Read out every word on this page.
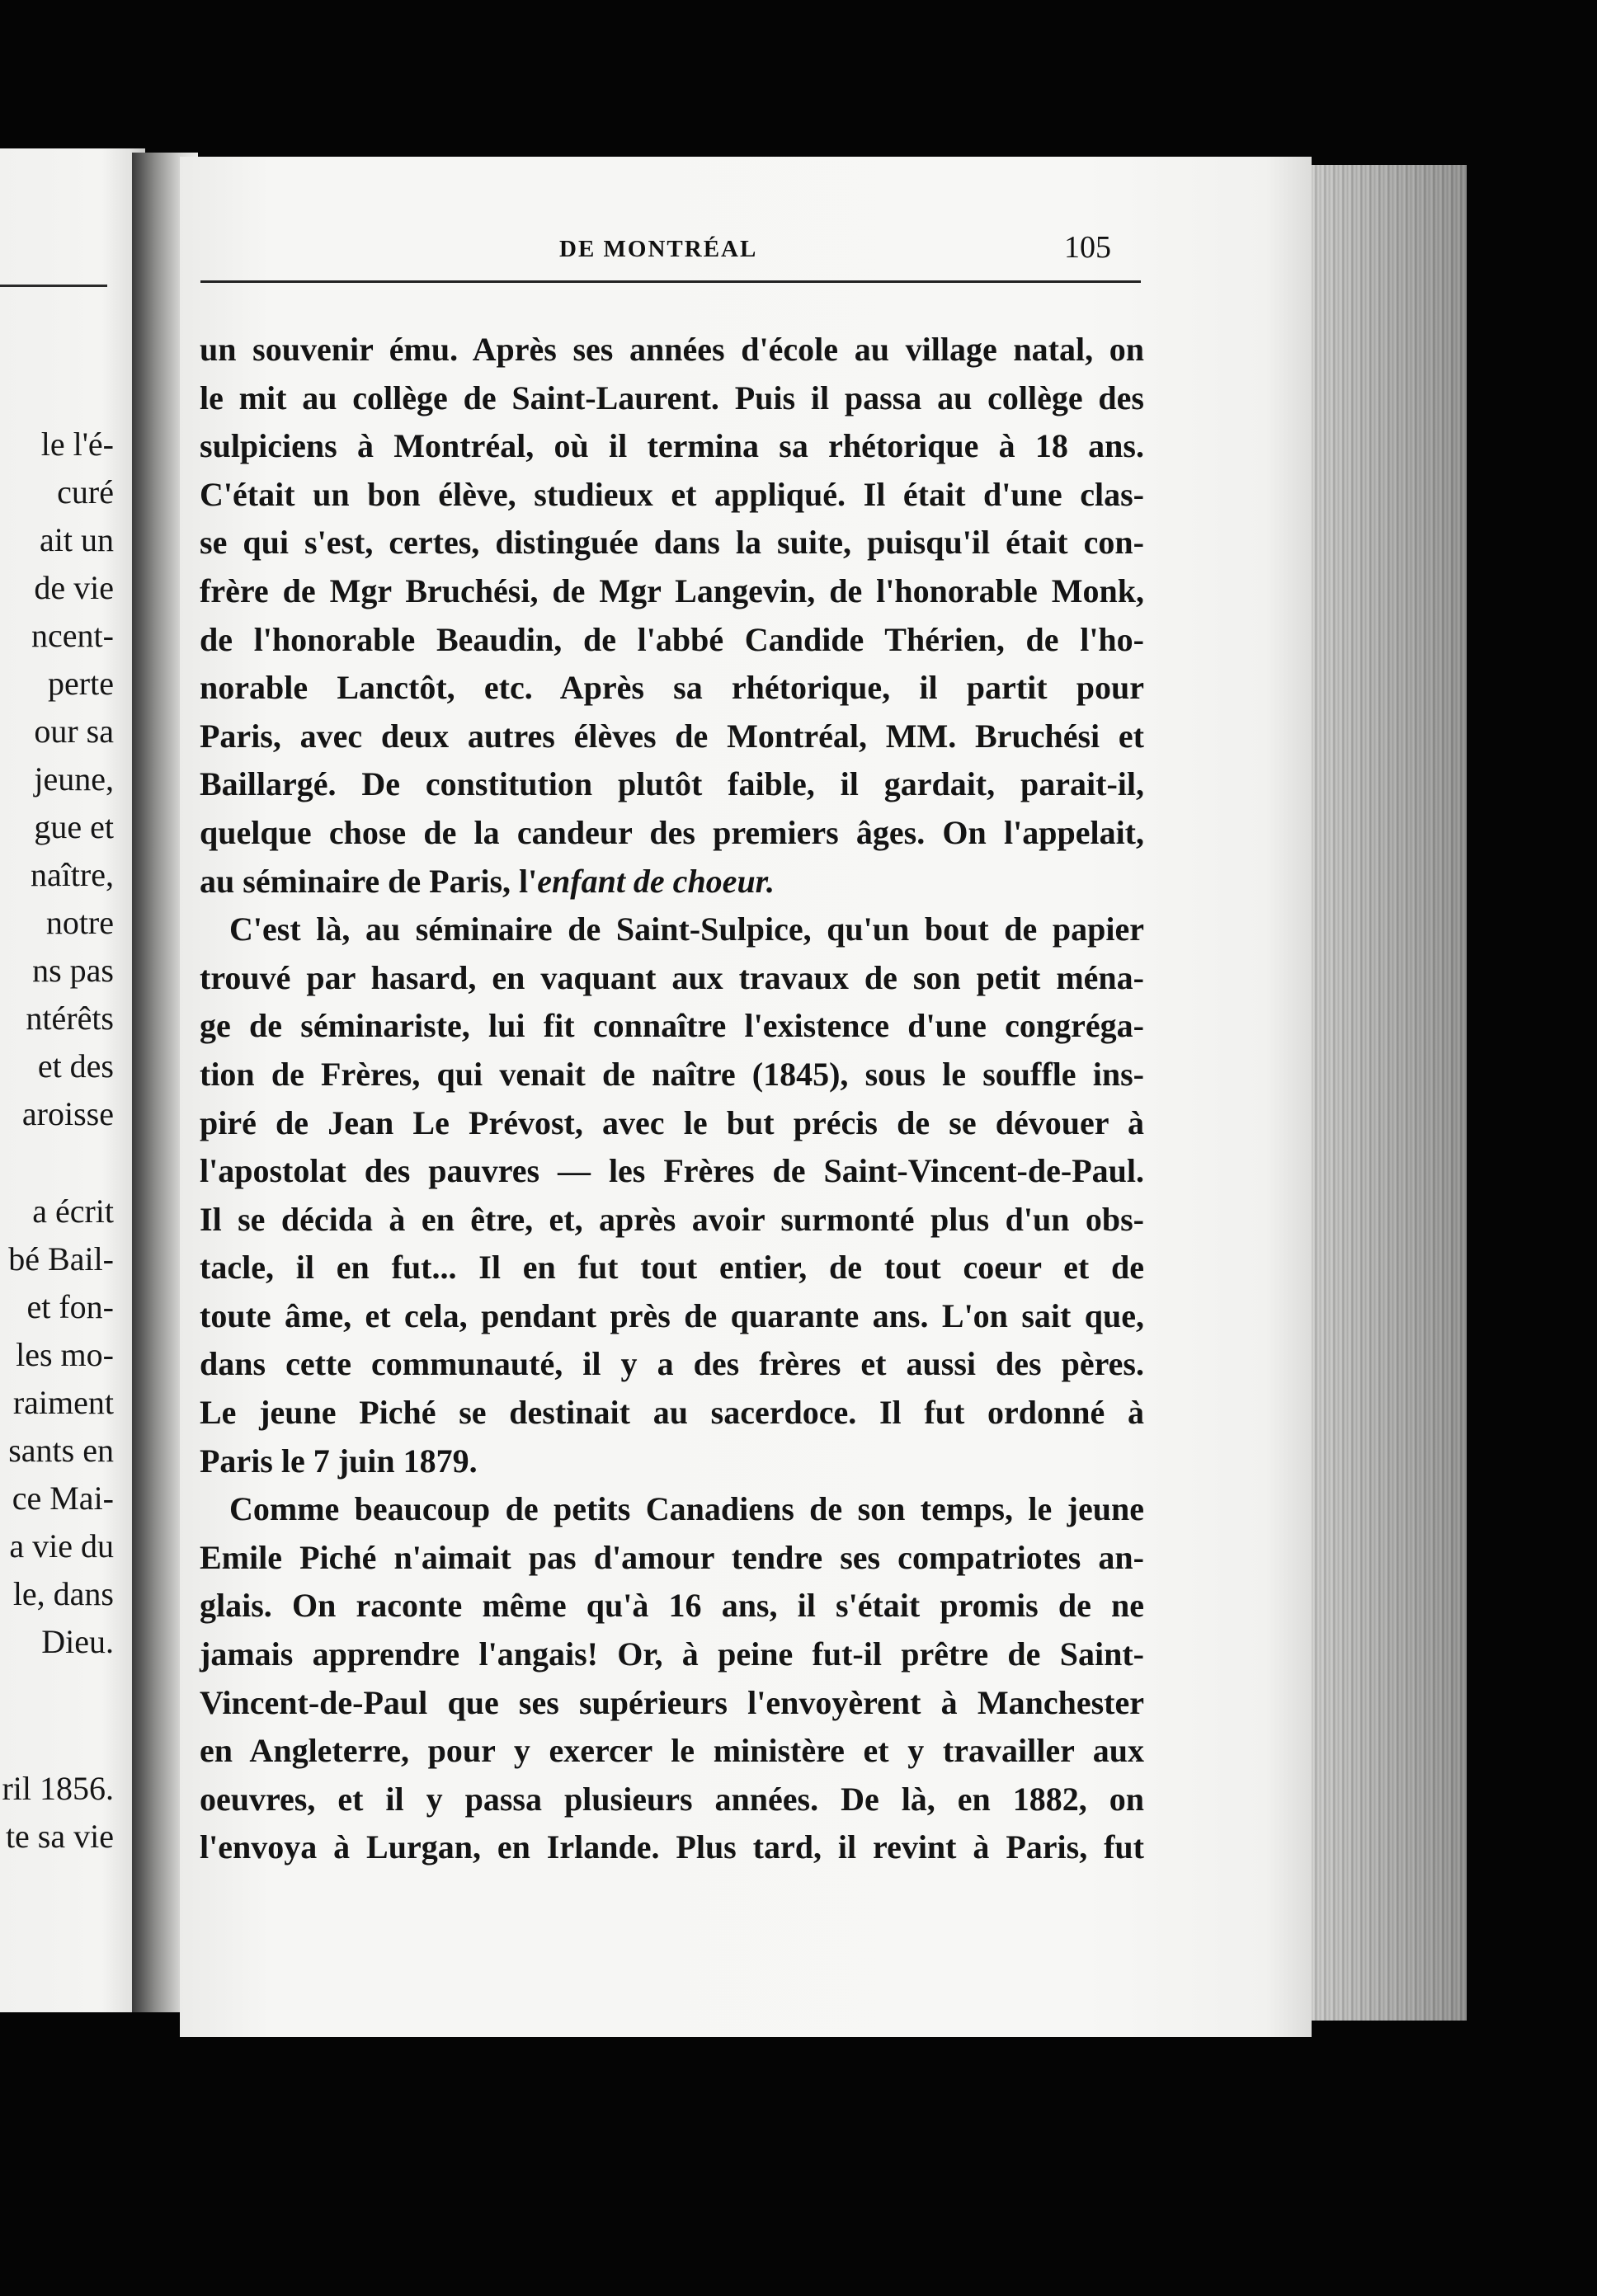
le l'é-
curé
ait un
de vie
ncent-
perte
our sa
jeune,
gue et
naître,
notre
ns pas
ntérêts
et des
aroisse
a écrit
bé Bail-
et fon-
les mo-
raiment
sants en
ce Mai-
a vie du
le, dans
Dieu.
ril 1856.
te sa vie
DE MONTRÉAL	105
un souvenir ému. Après ses années d'école au village natal, on
le mit au collège de Saint-Laurent. Puis il passa au collège des
sulpiciens à Montréal, où il termina sa rhétorique à 18 ans.
C'était un bon élève, studieux et appliqué. Il était d'une clas-
se qui s'est, certes, distinguée dans la suite, puisqu'il était con-
frère de Mgr Bruchési, de Mgr Langevin, de l'honorable Monk,
de l'honorable Beaudin, de l'abbé Candide Thérien, de l'ho-
norable Lanctôt, etc. Après sa rhétorique, il partit pour
Paris, avec deux autres élèves de Montréal, MM. Bruchési et
Baillargé. De constitution plutôt faible, il gardait, parait-il,
quelque chose de la candeur des premiers âges. On l'appelait,
au séminaire de Paris, l'enfant de choeur.
C'est là, au séminaire de Saint-Sulpice, qu'un bout de papier
trouvé par hasard, en vaquant aux travaux de son petit ména-
ge de séminariste, lui fit connaître l'existence d'une congréga-
tion de Frères, qui venait de naître (1845), sous le souffle ins-
piré de Jean Le Prévost, avec le but précis de se dévouer à
l'apostolat des pauvres — les Frères de Saint-Vincent-de-Paul.
Il se décida à en être, et, après avoir surmonté plus d'un obs-
tacle, il en fut... Il en fut tout entier, de tout coeur et de
toute âme, et cela, pendant près de quarante ans. L'on sait que,
dans cette communauté, il y a des frères et aussi des pères.
Le jeune Piché se destinait au sacerdoce. Il fut ordonné à
Paris le 7 juin 1879.
Comme beaucoup de petits Canadiens de son temps, le jeune
Emile Piché n'aimait pas d'amour tendre ses compatriotes an-
glais. On raconte même qu'à 16 ans, il s'était promis de ne
jamais apprendre l'angais! Or, à peine fut-il prêtre de Saint-
Vincent-de-Paul que ses supérieurs l'envoyèrent à Manchester
en Angleterre, pour y exercer le ministère et y travailler aux
oeuvres, et il y passa plusieurs années. De là, en 1882, on
l'envoya à Lurgan, en Irlande. Plus tard, il revint à Paris, fut
